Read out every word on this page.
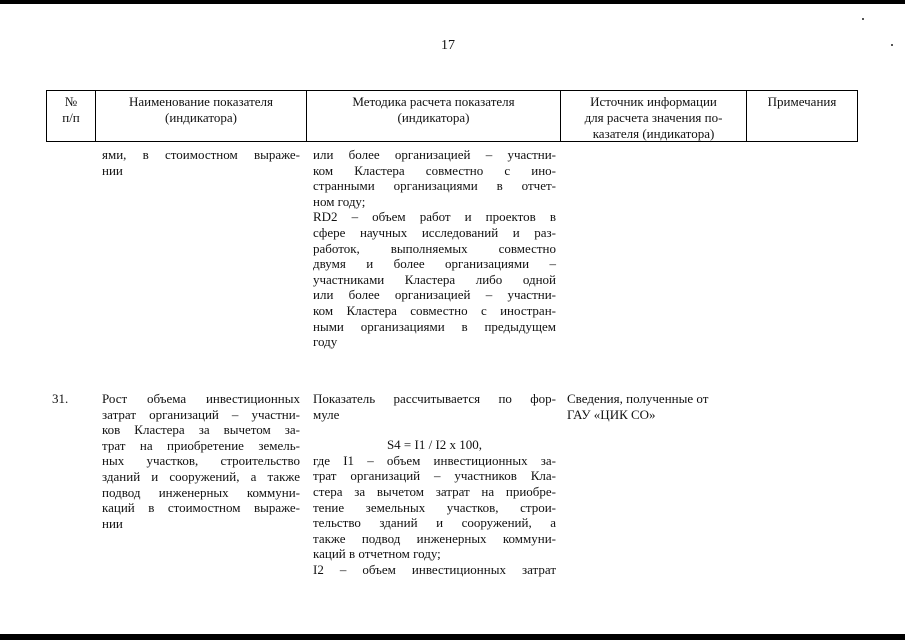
17
№
п/п
Наименование показателя
(индикатора)
Методика расчета показателя
(индикатора)
Источник информации
для расчета значения по-
казателя (индикатора)
Примечания
ями, в стоимостном выраже-
нии
или более организацией – участни-
ком Кластера совместно с ино-
странными организациями в отчет-
ном году;
RD2 – объем работ и проектов в
сфере научных исследований и раз-
работок, выполняемых совместно
двумя и более организациями –
участниками Кластера либо одной
или более организацией – участни-
ком Кластера совместно с иностран-
ными организациями в предыдущем
году
31.	Рост объема инвестиционных
затрат организаций – участни-
ков Кластера за вычетом за-
трат на приобретение земель-
ных участков, строительство
зданий и сооружений, а также
подвод инженерных коммуни-
каций в стоимостном выраже-
нии
Показатель рассчитывается по фор-
муле
S4 = I1 / I2 x 100,
где I1 – объем инвестиционных за-
трат организаций – участников Кла-
стера за вычетом затрат на приобре-
тение земельных участков, строи-
тельство зданий и сооружений, а
также подвод инженерных коммуни-
каций в отчетном году;
I2 – объем инвестиционных затрат
Сведения, полученные от
ГАУ «ЦИК СО»
